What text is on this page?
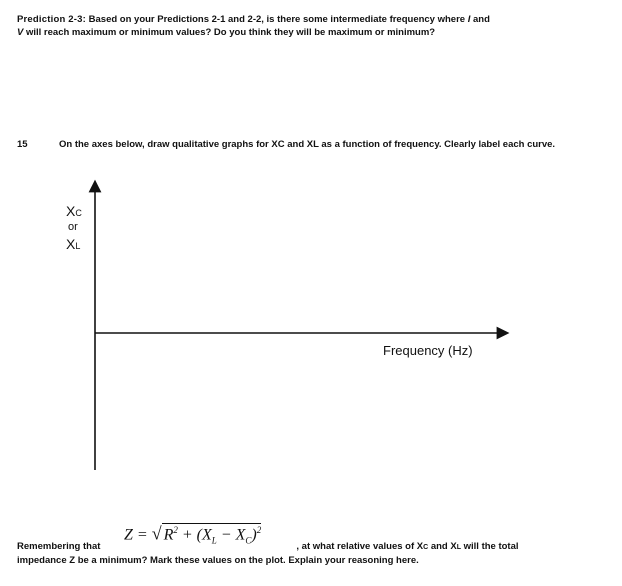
Prediction 2-3: Based on your Predictions 2-1 and 2-2, is there some intermediate frequency where I and
V will reach maximum or minimum values? Do you think they will be maximum or minimum?
15	On the axes below, draw qualitative graphs for XC and XL as a function of frequency. Clearly label each curve.
XC
or
XL
Frequency (Hz)
Z = √ $R^2 + (X_L - X_C)^2$
Remembering that	, at what relative values of XC and XL will the total
impedance Z be a minimum? Mark these values on the plot. Explain your reasoning here.
